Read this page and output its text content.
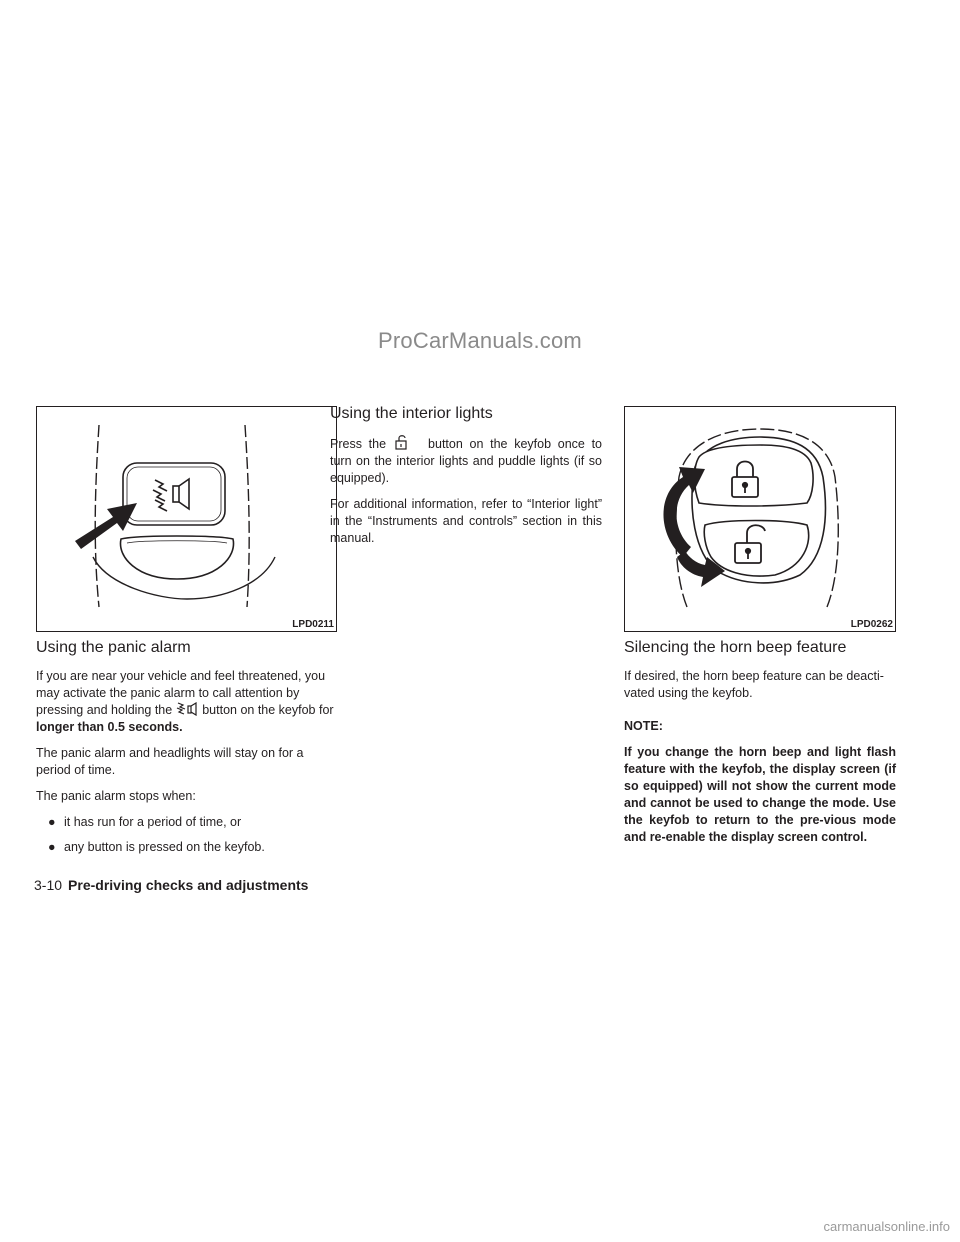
ProCarManuals.com
LPD0211	LPD0262
Using the panic alarm

If you are near your vehicle and feel threatened, you may activate the panic alarm to call attention by pressing and holding the button on the keyfob for longer than 0.5 seconds.

The panic alarm and headlights will stay on for a period of time.

The panic alarm stops when:

● it has run for a period of time, or
● any button is pressed on the keyfob.
Using the interior lights

Press the	button on the keyfob once to turn on the interior lights and puddle lights (if so equipped).

For additional information, refer to “Interior light” in the “Instruments and controls” section in this manual.

Silencing the horn beep feature

If desired, the horn beep feature can be deacti-vated using the keyfob.

NOTE:
If you change the horn beep and light flash feature with the keyfob, the display screen (if so equipped) will not show the current mode and cannot be used to change the mode. Use the keyfob to return to the pre-vious mode and re-enable the display screen control.
3-10 Pre-driving checks and adjustments
carmanualsonline.info
